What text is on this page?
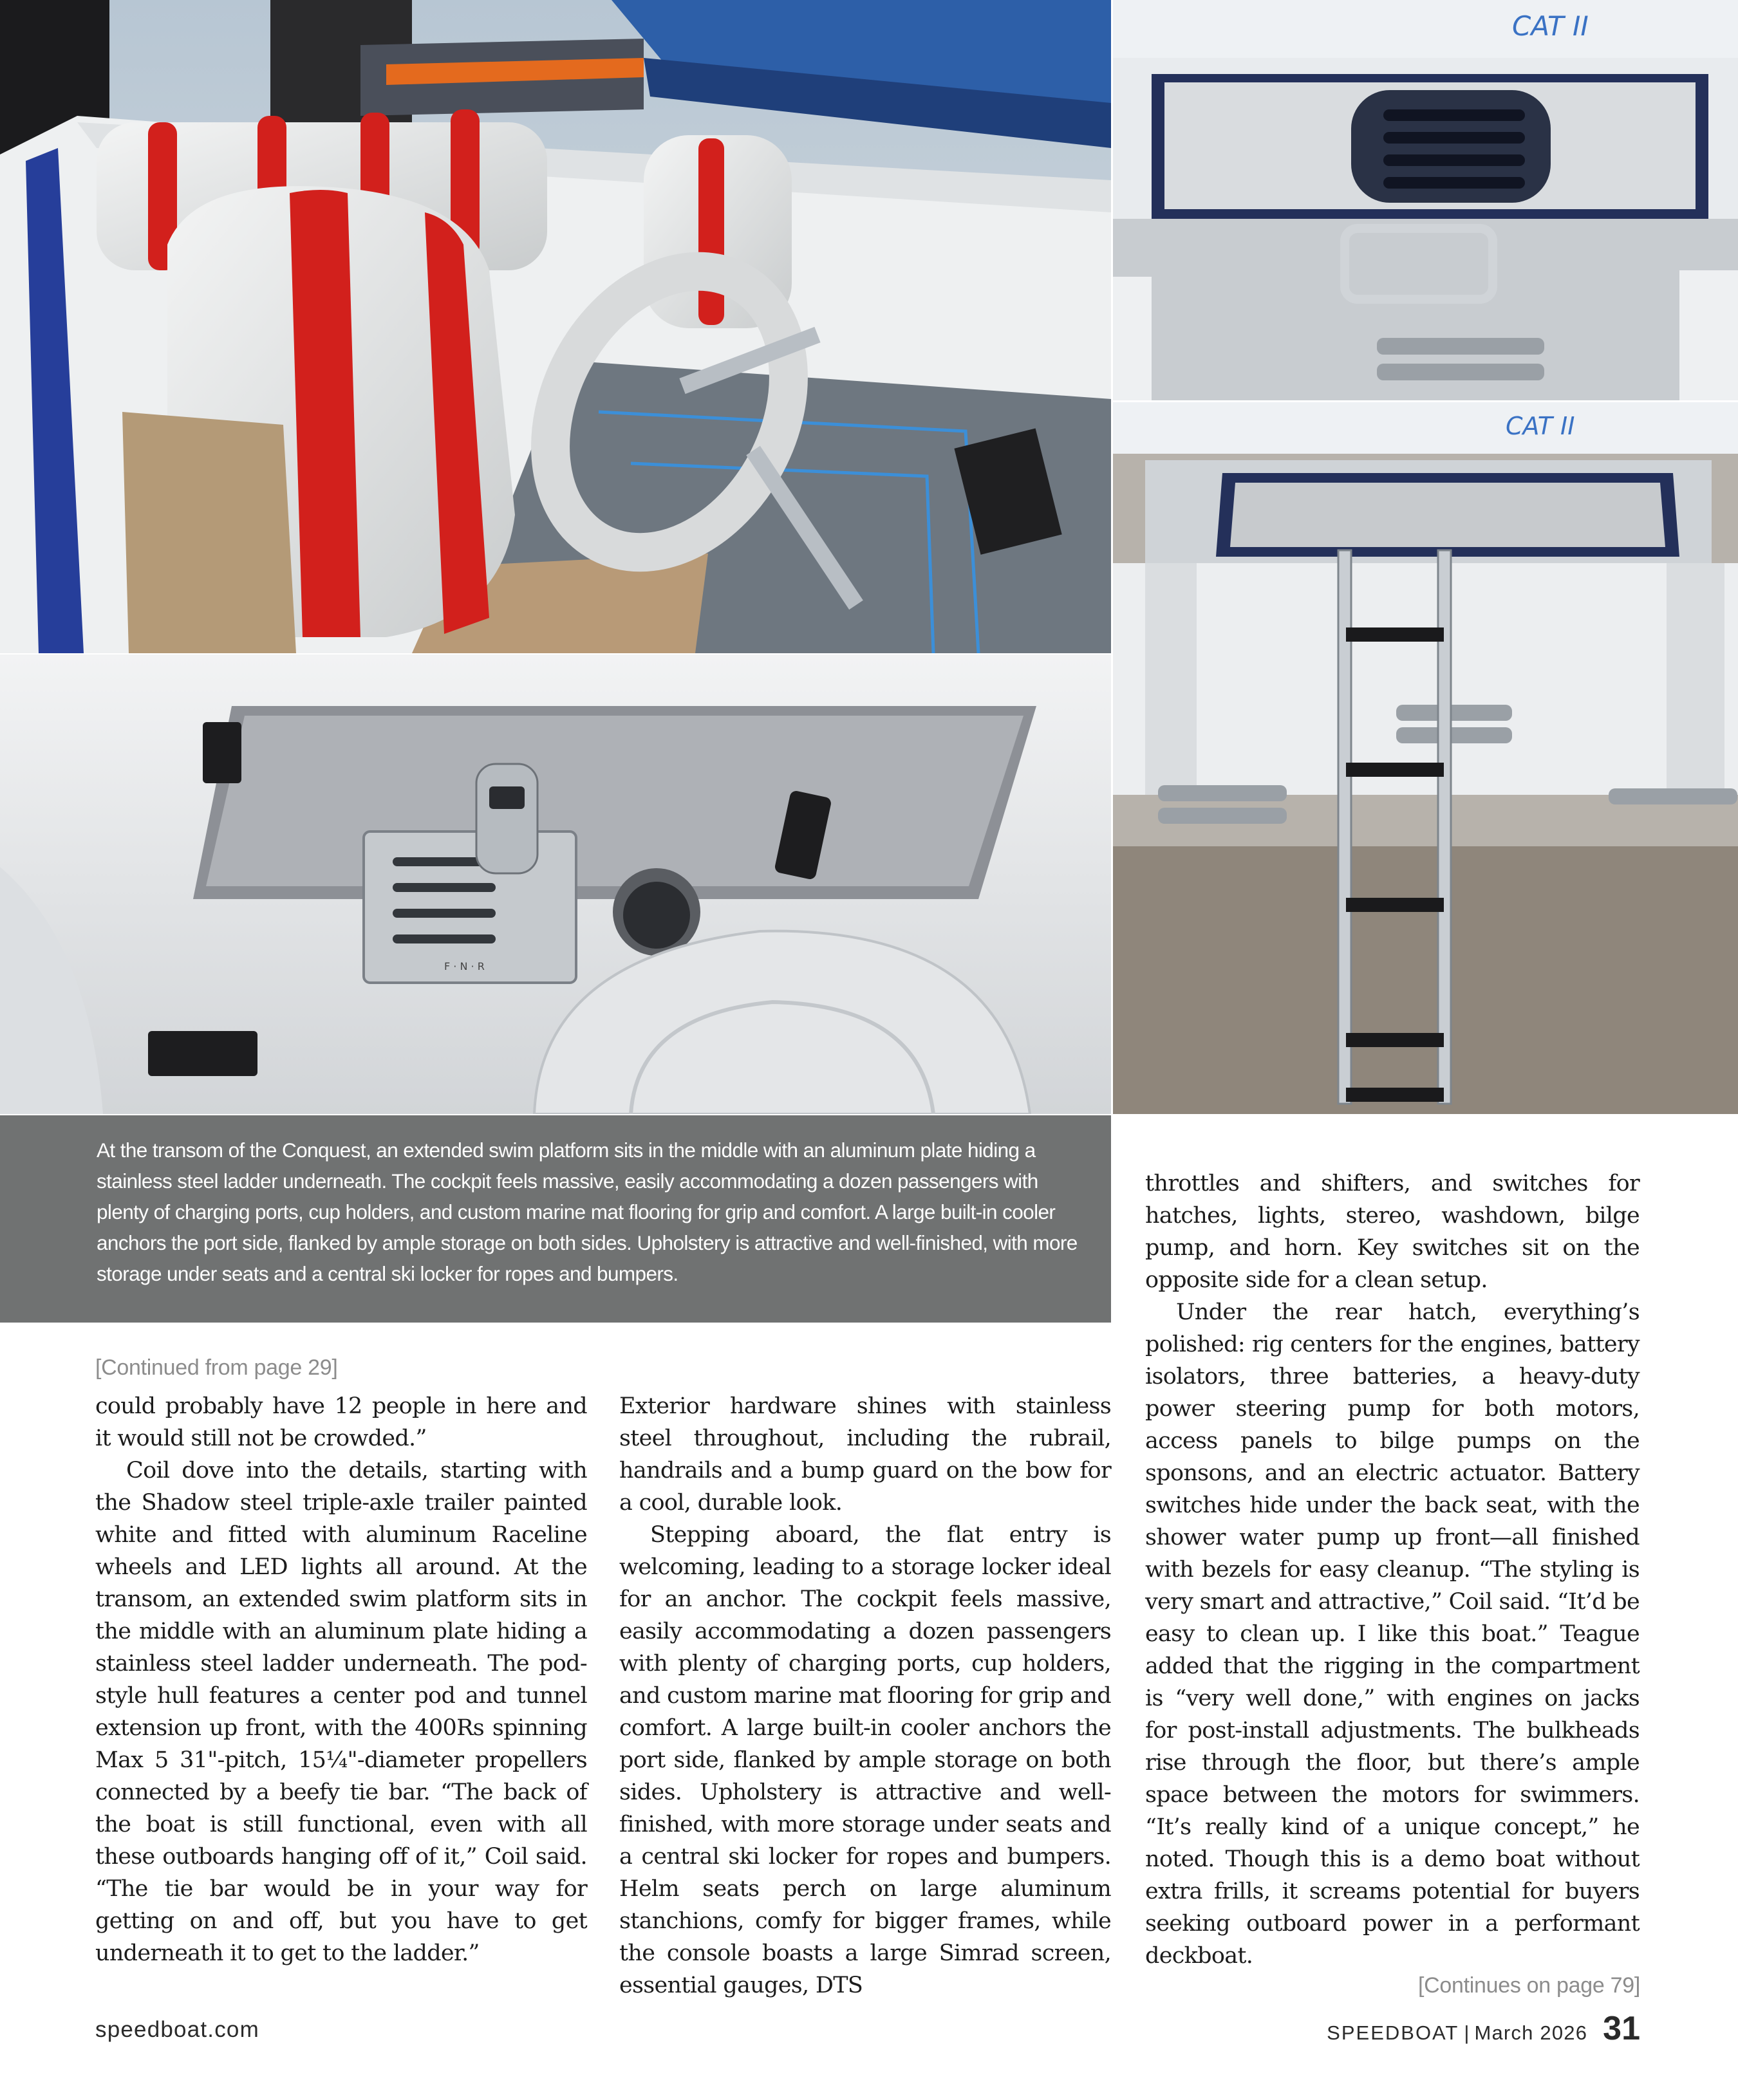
F · N · R
CAT II
CAT II

At the transom of the Conquest, an extended swim platform sits in the middle with an aluminum plate hiding a stainless steel ladder underneath. The cockpit feels massive, easily accommodating a dozen passengers with plenty of charging ports, cup holders, and custom marine mat flooring for grip and comfort. A large built-in cooler anchors the port side, flanked by ample storage on both sides. Upholstery is attractive and well-finished, with more storage under seats and a central ski locker for ropes and bumpers.

[Continued from page 29]

could probably have 12 people in here and it would still not be crowded.”

Coil dove into the details, starting with the Shadow steel triple-axle trailer painted white and fitted with aluminum Raceline wheels and LED lights all around. At the transom, an extended swim platform sits in the middle with an aluminum plate hiding a stainless steel ladder underneath. The pod-style hull features a center pod and tunnel extension up front, with the 400Rs spinning Max 5 31"-pitch, 15¼"-diameter propellers connected by a beefy tie bar. “The back of the boat is still functional, even with all these outboards hanging off of it,” Coil said. “The tie bar would be in your way for getting on and off, but you have to get underneath it to get to the ladder.”

Exterior hardware shines with stainless steel throughout, including the rubrail, handrails and a bump guard on the bow for a cool, durable look.

Stepping aboard, the flat entry is welcoming, leading to a storage locker ideal for an anchor. The cockpit feels massive, easily accommodating a dozen passengers with plenty of charging ports, cup holders, and custom marine mat flooring for grip and comfort. A large built-in cooler anchors the port side, flanked by ample storage on both sides. Upholstery is attractive and well-finished, with more storage under seats and a central ski locker for ropes and bumpers. Helm seats perch on large aluminum stanchions, comfy for bigger frames, while the console boasts a large Simrad screen, essential gauges, DTS

throttles and shifters, and switches for hatches, lights, stereo, washdown, bilge pump, and horn. Key switches sit on the opposite side for a clean setup.

Under the rear hatch, everything’s polished: rig centers for the engines, battery isolators, three batteries, a heavy-duty power steering pump for both motors, access panels to bilge pumps on the sponsons, and an electric actuator. Battery switches hide under the back seat, with the shower water pump up front—all finished with bezels for easy cleanup. “The styling is very smart and attractive,” Coil said. “It’d be easy to clean up. I like this boat.” Teague added that the rigging in the compartment is “very well done,” with engines on jacks for post-install adjustments. The bulkheads rise through the floor, but there’s ample space between the motors for swimmers. “It’s really kind of a unique concept,” he noted. Though this is a demo boat without extra frills, it screams potential for buyers seeking outboard power in a performant deckboat.

[Continues on page 79]
speedboat.com	SPEEDBOAT | March 2026 31
